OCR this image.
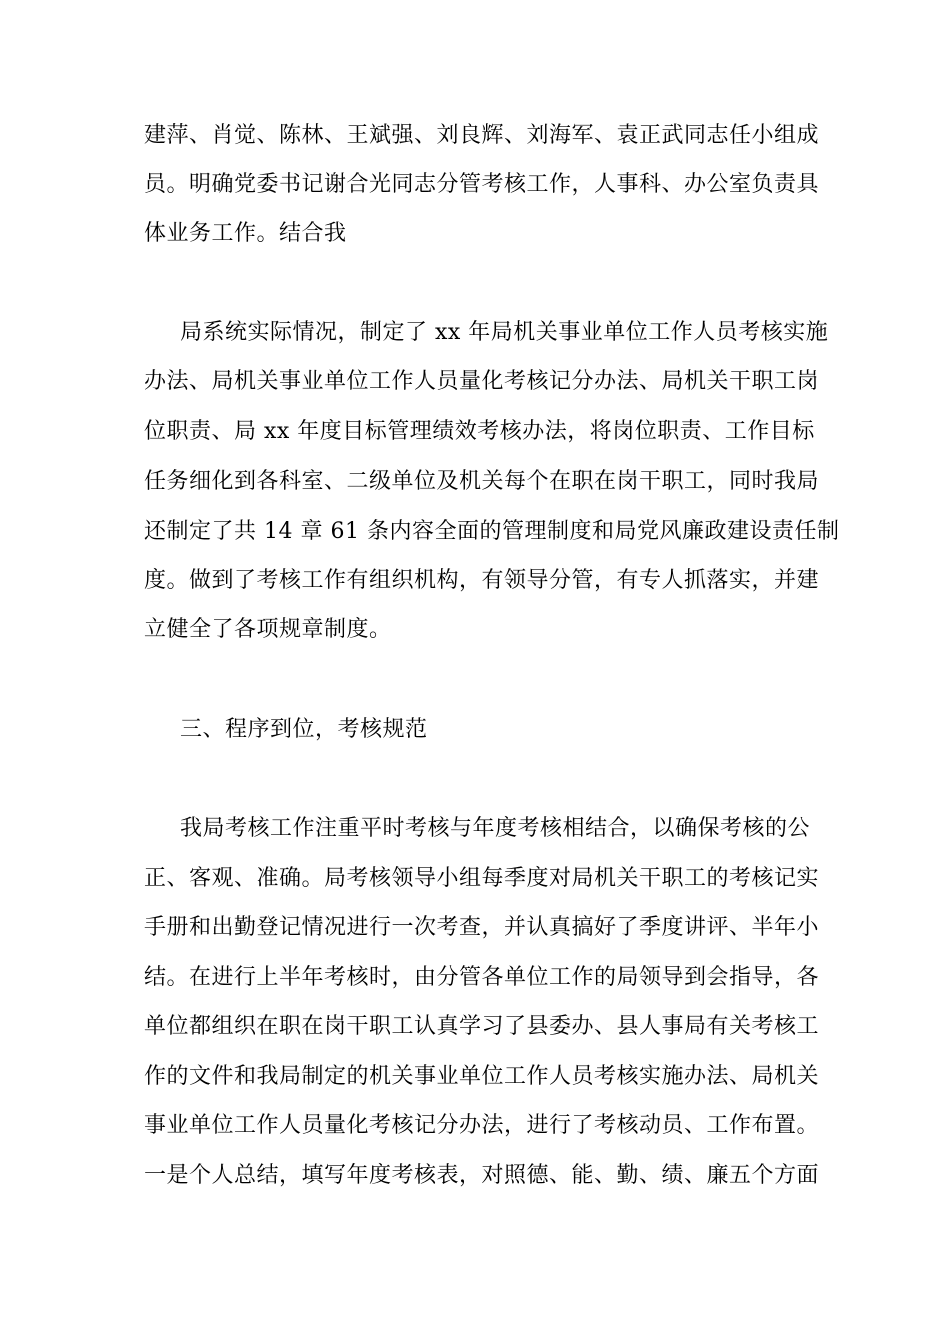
建萍、肖觉、陈林、王斌强、刘良辉、刘海军、袁正武同志任小组成
员。明确党委书记谢合光同志分管考核工作，人事科、办公室负责具
体业务工作。结合我
局系统实际情况，制定了 xx 年局机关事业单位工作人员考核实施
办法、局机关事业单位工作人员量化考核记分办法、局机关干职工岗
位职责、局 xx 年度目标管理绩效考核办法，将岗位职责、工作目标
任务细化到各科室、二级单位及机关每个在职在岗干职工，同时我局
还制定了共 14 章 61 条内容全面的管理制度和局党风廉政建设责任制
度。做到了考核工作有组织机构，有领导分管，有专人抓落实，并建
立健全了各项规章制度。
三、程序到位，考核规范
我局考核工作注重平时考核与年度考核相结合，以确保考核的公
正、客观、准确。局考核领导小组每季度对局机关干职工的考核记实
手册和出勤登记情况进行一次考查，并认真搞好了季度讲评、半年小
结。在进行上半年考核时，由分管各单位工作的局领导到会指导，各
单位都组织在职在岗干职工认真学习了县委办、县人事局有关考核工
作的文件和我局制定的机关事业单位工作人员考核实施办法、局机关
事业单位工作人员量化考核记分办法，进行了考核动员、工作布置。
一是个人总结，填写年度考核表，对照德、能、勤、绩、廉五个方面
